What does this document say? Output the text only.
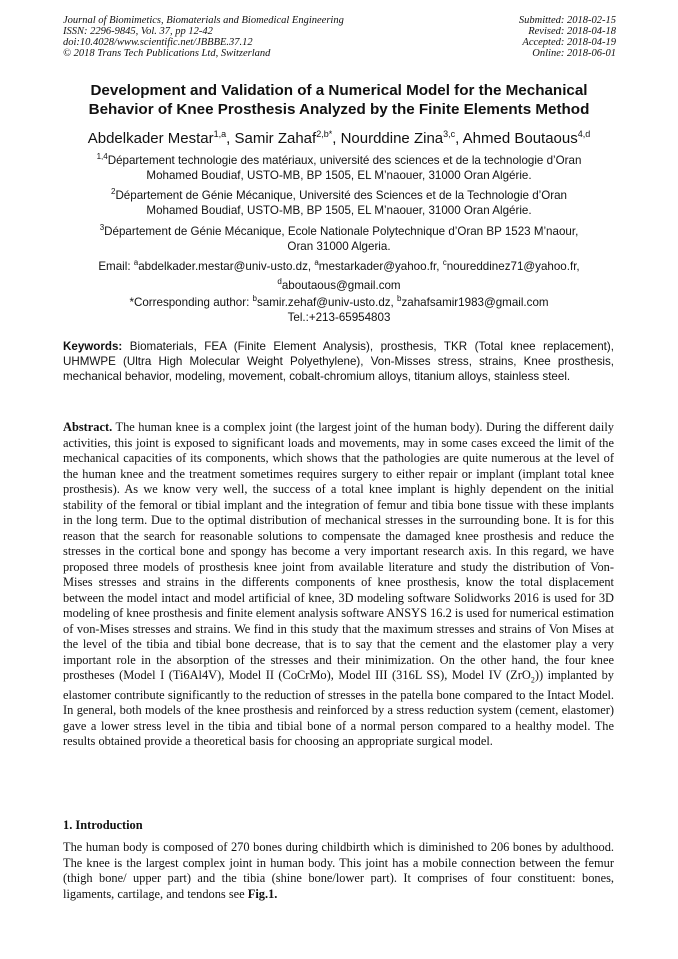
Journal of Biomimetics, Biomaterials and Biomedical Engineering
ISSN: 2296-9845, Vol. 37, pp 12-42
doi:10.4028/www.scientific.net/JBBBE.37.12
© 2018 Trans Tech Publications Ltd, Switzerland
Submitted: 2018-02-15
Revised: 2018-04-18
Accepted: 2018-04-19
Online: 2018-06-01
Development and Validation of a Numerical Model for the Mechanical
Behavior of Knee Prosthesis Analyzed by the Finite Elements Method
Abdelkader Mestar$^{1,a}$, Samir Zahaf$^{2,b*}$, Nourddine Zina$^{3,c}$, Ahmed Boutaous$^{4,d}$
$^{1,4}$Département technologie des matériaux, université des sciences et de la technologie d’Oran
Mohamed Boudiaf, USTO-MB, BP 1505, EL M’naouer, 31000 Oran Algérie.
$^2$Département de Génie Mécanique, Université des Sciences et de la Technologie d’Oran
Mohamed Boudiaf, USTO-MB, BP 1505, EL M’naouer, 31000 Oran Algérie.
$^3$Département de Génie Mécanique, Ecole Nationale Polytechnique d’Oran BP 1523 M’naour,
Oran 31000 Algeria.
Email: $^a$abdelkader.mestar@univ-usto.dz, $^a$mestarkader@yahoo.fr, $^c$noureddinez71@yahoo.fr,
$^d$aboutaous@gmail.com
*Corresponding author: $^b$samir.zehaf@univ-usto.dz, $^b$zahafsamir1983@gmail.com
Tel.:+213-65954803
Keywords: Biomaterials, FEA (Finite Element Analysis), prosthesis, TKR (Total knee replacement), UHMWPE (Ultra High Molecular Weight Polyethylene), Von-Misses stress, strains, Knee prosthesis, mechanical behavior, modeling, movement, cobalt-chromium alloys, titanium alloys, stainless steel.
Abstract. The human knee is a complex joint (the largest joint of the human body). During the different daily activities, this joint is exposed to significant loads and movements, may in some cases exceed the limit of the mechanical capacities of its components, which shows that the pathologies are quite numerous at the level of the human knee and the treatment sometimes requires surgery to either repair or implant (implant total knee prosthesis). As we know very well, the success of a total knee implant is highly dependent on the initial stability of the femoral or tibial implant and the integration of femur and tibia bone tissue with these implants in the long term. Due to the optimal distribution of mechanical stresses in the surrounding bone. It is for this reason that the search for reasonable solutions to compensate the damaged knee prosthesis and reduce the stresses in the cortical bone and spongy has become a very important research axis. In this regard, we have proposed three models of prosthesis knee joint from available literature and study the distribution of Von-Mises stresses and strains in the differents components of knee prosthesis, know the total displacement between the model intact and model artificial of knee, 3D modeling software Solidworks 2016 is used for 3D modeling of knee prosthesis and finite element analysis software ANSYS 16.2 is used for numerical estimation of von-Mises stresses and strains. We find in this study that the maximum stresses and strains of Von Mises at the level of the tibia and tibial bone decrease, that is to say that the cement and the elastomer play a very important role in the absorption of the stresses and their minimization. On the other hand, the four knee prostheses (Model I (Ti6Al4V), Model II (CoCrMo), Model III (316L SS), Model IV (ZrO$_2$)) implanted by elastomer contribute significantly to the reduction of stresses in the patella bone compared to the Intact Model. In general, both models of the knee prosthesis and reinforced by a stress reduction system (cement, elastomer) gave a lower stress level in the tibia and tibial bone of a normal person compared to a healthy model. The results obtained provide a theoretical basis for choosing an appropriate surgical model.
1. Introduction
The human body is composed of 270 bones during childbirth which is diminished to 206 bones by adulthood. The knee is the largest complex joint in human body. This joint has a mobile connection between the femur (thigh bone/ upper part) and the tibia (shine bone/lower part). It comprises of four constituent: bones, ligaments, cartilage, and tendons see Fig.1.
